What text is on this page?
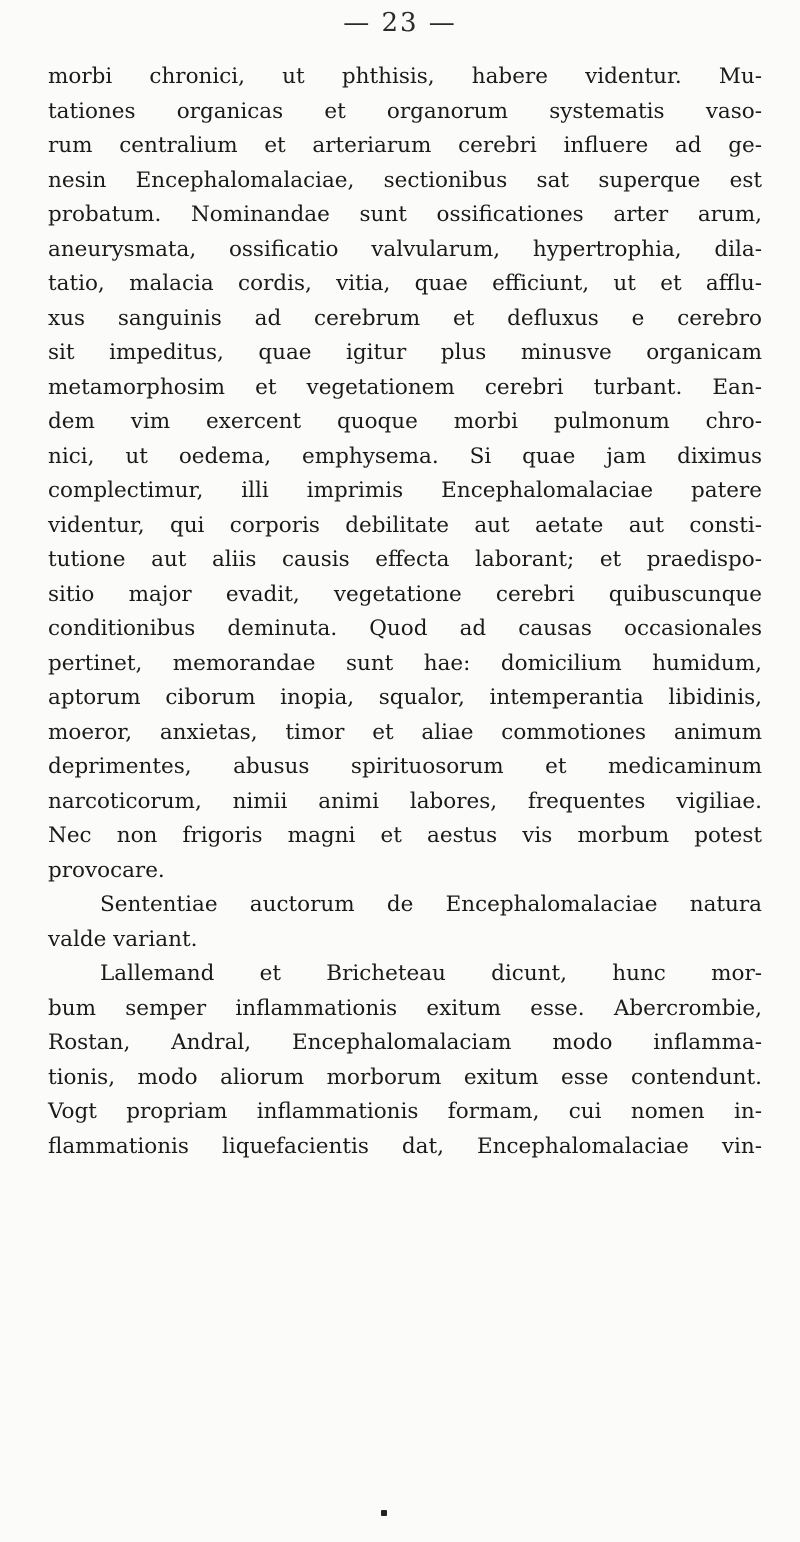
— 23 —
morbi chronici, ut phthisis, habere videntur. Mu-
tationes organicas et organorum systematis vaso-
rum centralium et arteriarum cerebri influere ad ge-
nesin Encephalomalaciae, sectionibus sat superque est
probatum. Nominandae sunt ossificationes arter arum,
aneurysmata, ossificatio valvularum, hypertrophia, dila-
tatio, malacia cordis, vitia, quae efficiunt, ut et afflu-
xus sanguinis ad cerebrum et defluxus e cerebro
sit impeditus, quae igitur plus minusve organicam
metamorphosim et vegetationem cerebri turbant. Ean-
dem vim exercent quoque morbi pulmonum chro-
nici, ut oedema, emphysema. Si quae jam diximus
complectimur, illi imprimis Encephalomalaciae patere
videntur, qui corporis debilitate aut aetate aut consti-
tutione aut aliis causis effecta laborant; et praedispo-
sitio major evadit, vegetatione cerebri quibuscunque
conditionibus deminuta. Quod ad causas occasionales
pertinet, memorandae sunt hae: domicilium humidum,
aptorum ciborum inopia, squalor, intemperantia libidinis,
moeror, anxietas, timor et aliae commotiones animum
deprimentes, abusus spirituosorum et medicaminum
narcoticorum, nimii animi labores, frequentes vigiliae.
Nec non frigoris magni et aestus vis morbum potest
provocare.
Sententiae auctorum de Encephalomalaciae natura
valde variant.
Lallemand et Bricheteau dicunt, hunc mor-
bum semper inflammationis exitum esse. Abercrombie,
Rostan, Andral, Encephalomalaciam modo inflamma-
tionis, modo aliorum morborum exitum esse contendunt.
Vogt propriam inflammationis formam, cui nomen in-
flammationis liquefacientis dat, Encephalomalaciae vin-
